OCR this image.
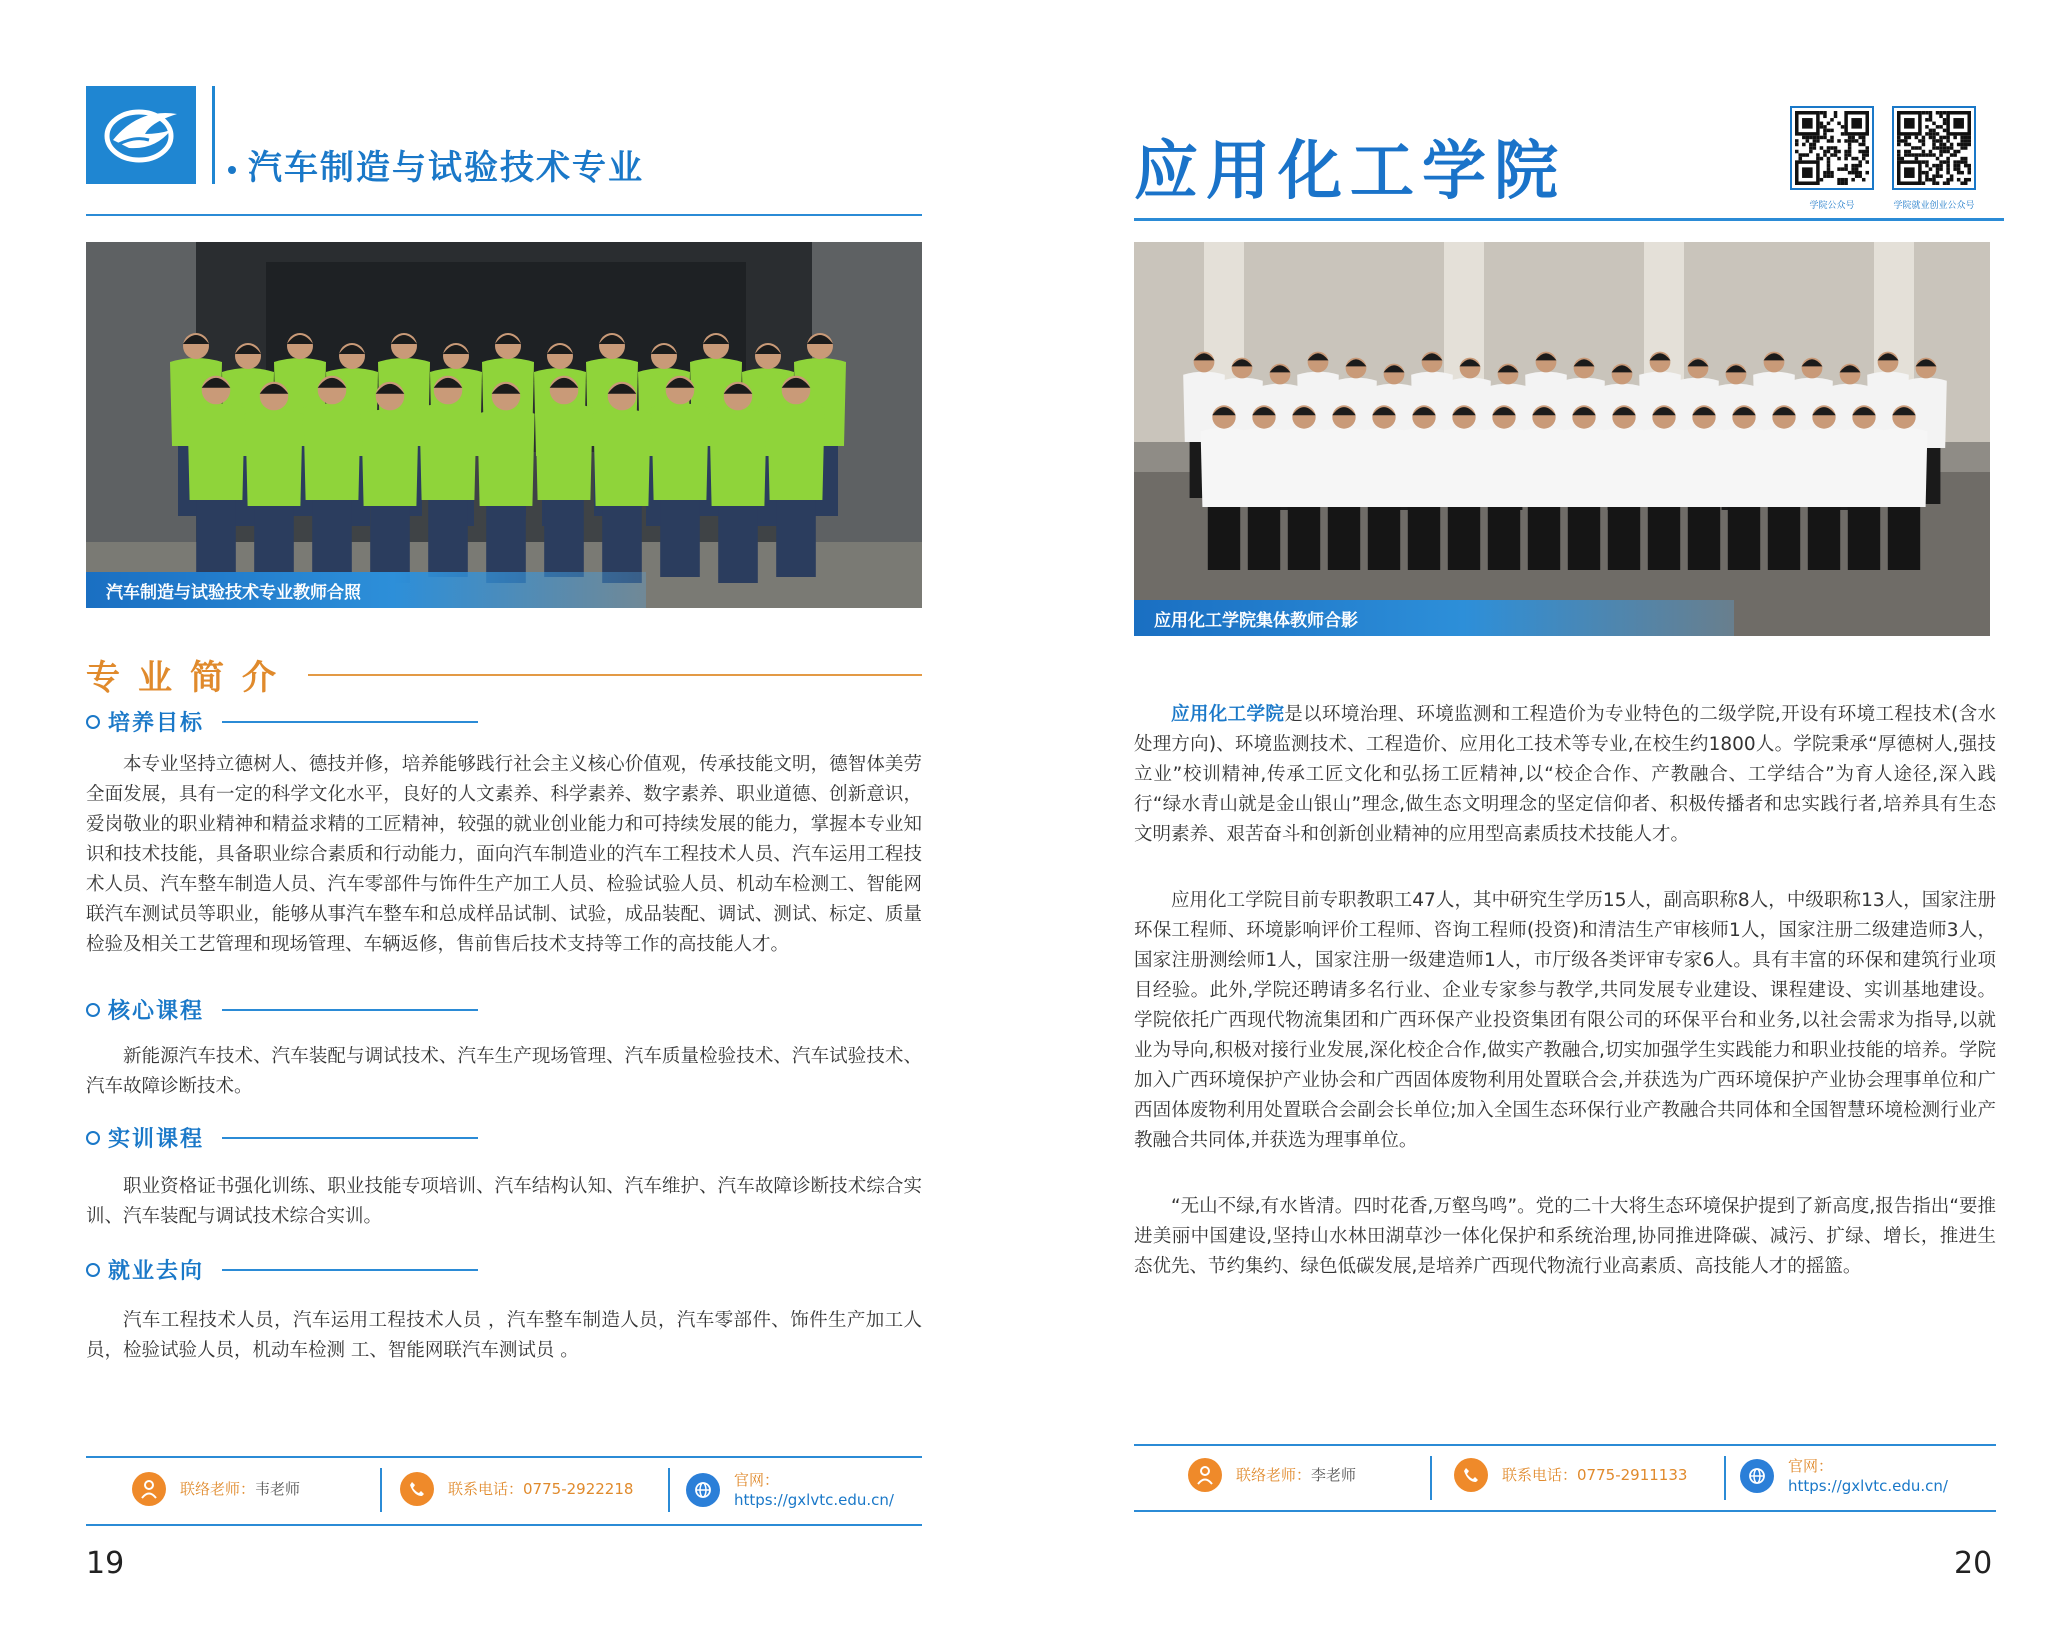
汽车制造与试验技术专业
汽车制造与试验技术专业教师合照
专业简介
培养目标
本专业坚持立德树人、德技并修，培养能够践行社会主义核心价值观，传承技能文明，德智体美劳全面发展，具有一定的科学文化水平，良好的人文素养、科学素养、数字素养、职业道德、创新意识，爱岗敬业的职业精神和精益求精的工匠精神，较强的就业创业能力和可持续发展的能力，掌握本专业知识和技术技能，具备职业综合素质和行动能力，面向汽车制造业的汽车工程技术人员、汽车运用工程技术人员、汽车整车制造人员、汽车零部件与饰件生产加工人员、检验试验人员、机动车检测工、智能网联汽车测试员等职业，能够从事汽车整车和总成样品试制、试验，成品装配、调试、测试、标定、质量检验及相关工艺管理和现场管理、车辆返修，售前售后技术支持等工作的高技能人才。
核心课程
新能源汽车技术、汽车装配与调试技术、汽车生产现场管理、汽车质量检验技术、汽车试验技术、汽车故障诊断技术。
实训课程
职业资格证书强化训练、职业技能专项培训、汽车结构认知、汽车维护、汽车故障诊断技术综合实训、汽车装配与调试技术综合实训。
就业去向
汽车工程技术人员，汽车运用工程技术人员 ，汽车整车制造人员，汽车零部件、饰件生产加工人员，检验试验人员，机动车检测 工、智能网联汽车测试员 。
联络老师：韦老师	联系电话：0775-2922218	官网：
https://gxlvtc.edu.cn/
19
应用化工学院	学院公众号	学院就业创业公众号
应用化工学院集体教师合影
应用化工学院是以环境治理、环境监测和工程造价为专业特色的二级学院,开设有环境工程技术(含水处理方向)、环境监测技术、工程造价、应用化工技术等专业,在校生约1800人。学院秉承“厚德树人,强技立业”校训精神,传承工匠文化和弘扬工匠精神,以“校企合作、产教融合、工学结合”为育人途径,深入践行“绿水青山就是金山银山”理念,做生态文明理念的坚定信仰者、积极传播者和忠实践行者,培养具有生态文明素养、艰苦奋斗和创新创业精神的应用型高素质技术技能人才。
应用化工学院目前专职教职工47人，其中研究生学历15人，副高职称8人，中级职称13人，国家注册环保工程师、环境影响评价工程师、咨询工程师(投资)和清洁生产审核师1人，国家注册二级建造师3人，国家注册测绘师1人，国家注册一级建造师1人，市厅级各类评审专家6人。具有丰富的环保和建筑行业项目经验。此外,学院还聘请多名行业、企业专家参与教学,共同发展专业建设、课程建设、实训基地建设。学院依托广西现代物流集团和广西环保产业投资集团有限公司的环保平台和业务,以社会需求为指导,以就业为导向,积极对接行业发展,深化校企合作,做实产教融合,切实加强学生实践能力和职业技能的培养。学院加入广西环境保护产业协会和广西固体废物利用处置联合会,并获选为广西环境保护产业协会理事单位和广西固体废物利用处置联合会副会长单位;加入全国生态环保行业产教融合共同体和全国智慧环境检测行业产教融合共同体,并获选为理事单位。
“无山不绿,有水皆清。四时花香,万壑鸟鸣”。党的二十大将生态环境保护提到了新高度,报告指出“要推进美丽中国建设,坚持山水林田湖草沙一体化保护和系统治理,协同推进降碳、减污、扩绿、增长，推进生态优先、节约集约、绿色低碳发展,是培养广西现代物流行业高素质、高技能人才的摇篮。
联络老师：李老师	联系电话：0775-2911133	官网：
https://gxlvtc.edu.cn/
20
